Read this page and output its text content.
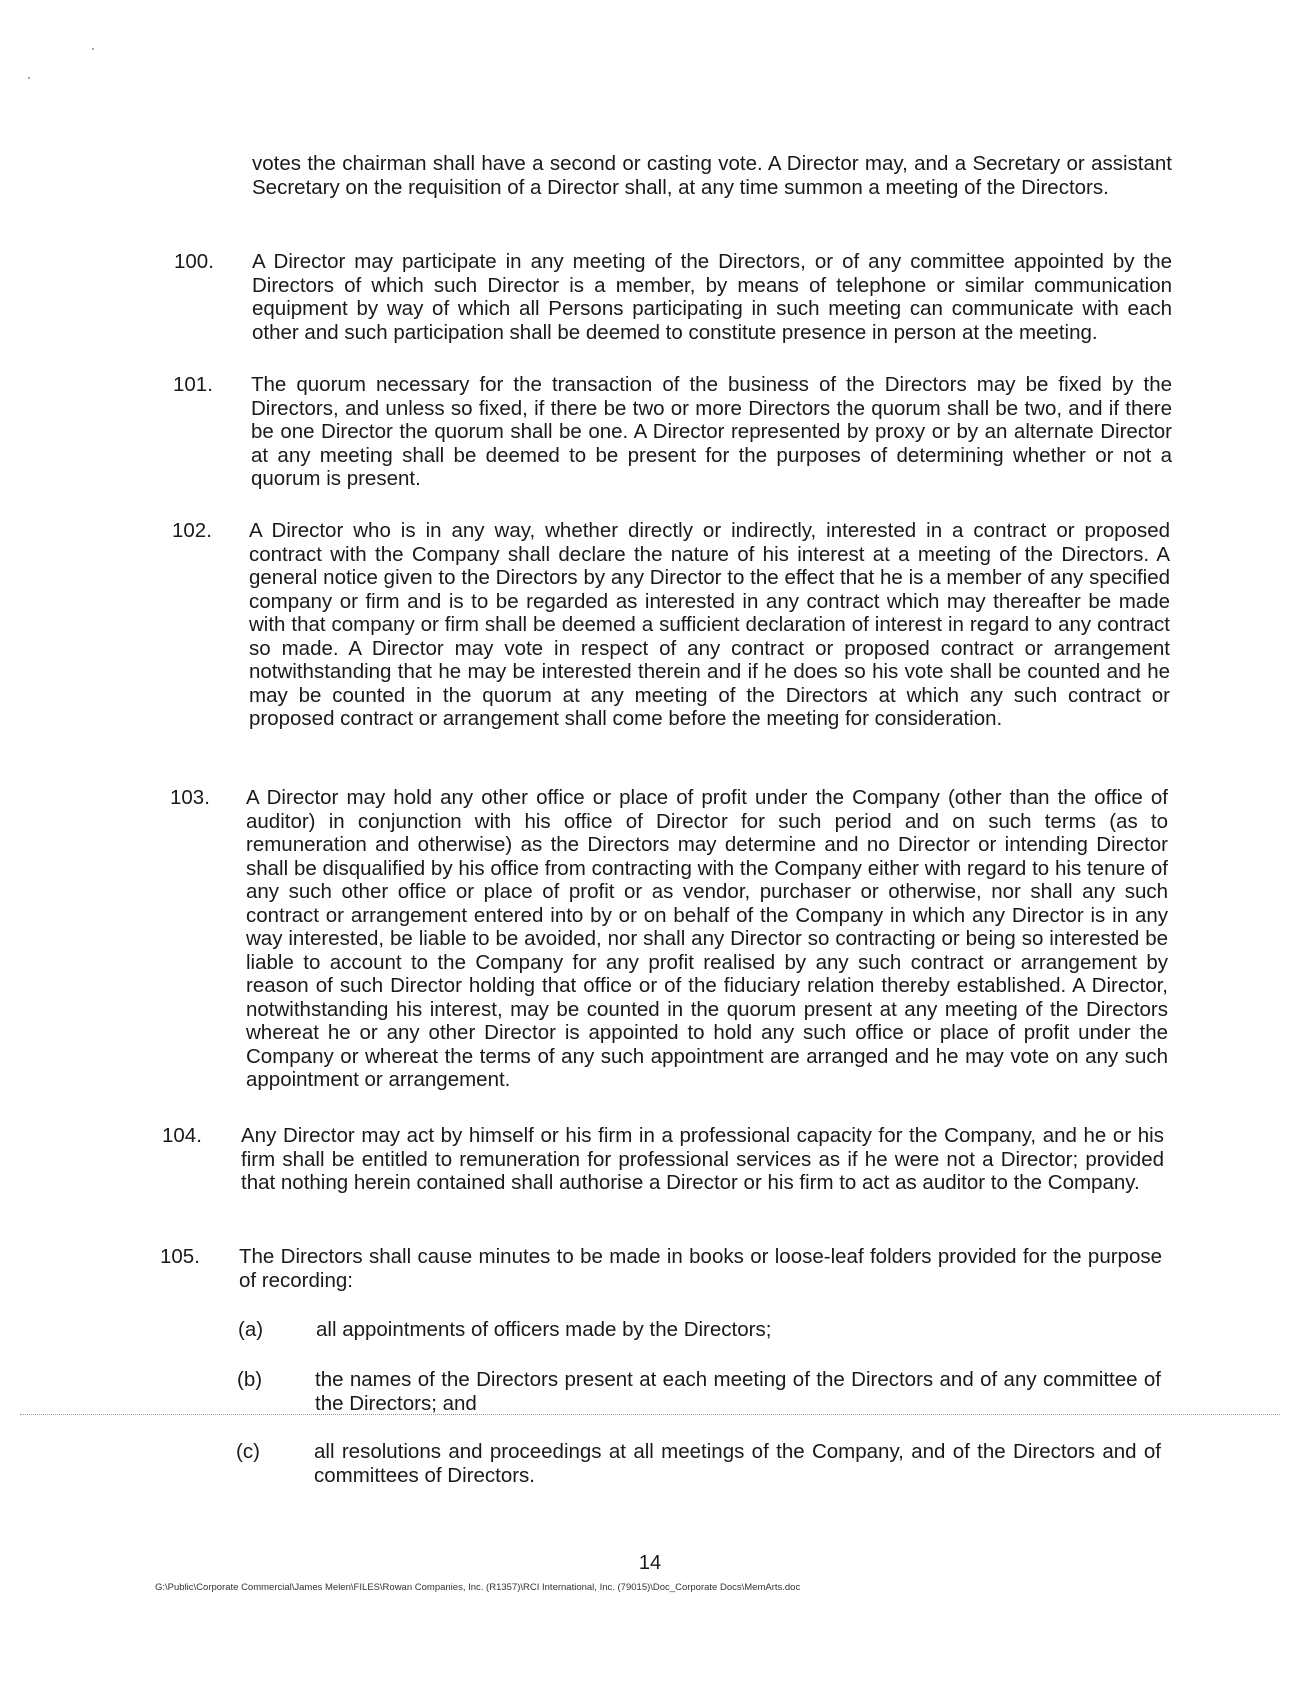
votes the chairman shall have a second or casting vote. A Director may, and a Secretary or assistant Secretary on the requisition of a Director shall, at any time summon a meeting of the Directors.
100. A Director may participate in any meeting of the Directors, or of any committee appointed by the Directors of which such Director is a member, by means of telephone or similar communication equipment by way of which all Persons participating in such meeting can communicate with each other and such participation shall be deemed to constitute presence in person at the meeting.
101. The quorum necessary for the transaction of the business of the Directors may be fixed by the Directors, and unless so fixed, if there be two or more Directors the quorum shall be two, and if there be one Director the quorum shall be one. A Director represented by proxy or by an alternate Director at any meeting shall be deemed to be present for the purposes of determining whether or not a quorum is present.
102. A Director who is in any way, whether directly or indirectly, interested in a contract or proposed contract with the Company shall declare the nature of his interest at a meeting of the Directors. A general notice given to the Directors by any Director to the effect that he is a member of any specified company or firm and is to be regarded as interested in any contract which may thereafter be made with that company or firm shall be deemed a sufficient declaration of interest in regard to any contract so made. A Director may vote in respect of any contract or proposed contract or arrangement notwithstanding that he may be interested therein and if he does so his vote shall be counted and he may be counted in the quorum at any meeting of the Directors at which any such contract or proposed contract or arrangement shall come before the meeting for consideration.
103. A Director may hold any other office or place of profit under the Company (other than the office of auditor) in conjunction with his office of Director for such period and on such terms (as to remuneration and otherwise) as the Directors may determine and no Director or intending Director shall be disqualified by his office from contracting with the Company either with regard to his tenure of any such other office or place of profit or as vendor, purchaser or otherwise, nor shall any such contract or arrangement entered into by or on behalf of the Company in which any Director is in any way interested, be liable to be avoided, nor shall any Director so contracting or being so interested be liable to account to the Company for any profit realised by any such contract or arrangement by reason of such Director holding that office or of the fiduciary relation thereby established. A Director, notwithstanding his interest, may be counted in the quorum present at any meeting of the Directors whereat he or any other Director is appointed to hold any such office or place of profit under the Company or whereat the terms of any such appointment are arranged and he may vote on any such appointment or arrangement.
104. Any Director may act by himself or his firm in a professional capacity for the Company, and he or his firm shall be entitled to remuneration for professional services as if he were not a Director; provided that nothing herein contained shall authorise a Director or his firm to act as auditor to the Company.
105. The Directors shall cause minutes to be made in books or loose-leaf folders provided for the purpose of recording:
(a)	all appointments of officers made by the Directors;
(b)	the names of the Directors present at each meeting of the Directors and of any committee of the Directors; and
(c)	all resolutions and proceedings at all meetings of the Company, and of the Directors and of committees of Directors.
14
G:\Public\Corporate Commercial\James Melen\FILES\Rowan Companies, Inc. (R1357)\RCI International, Inc. (79015)\Doc_Corporate Docs\MemArts.doc
